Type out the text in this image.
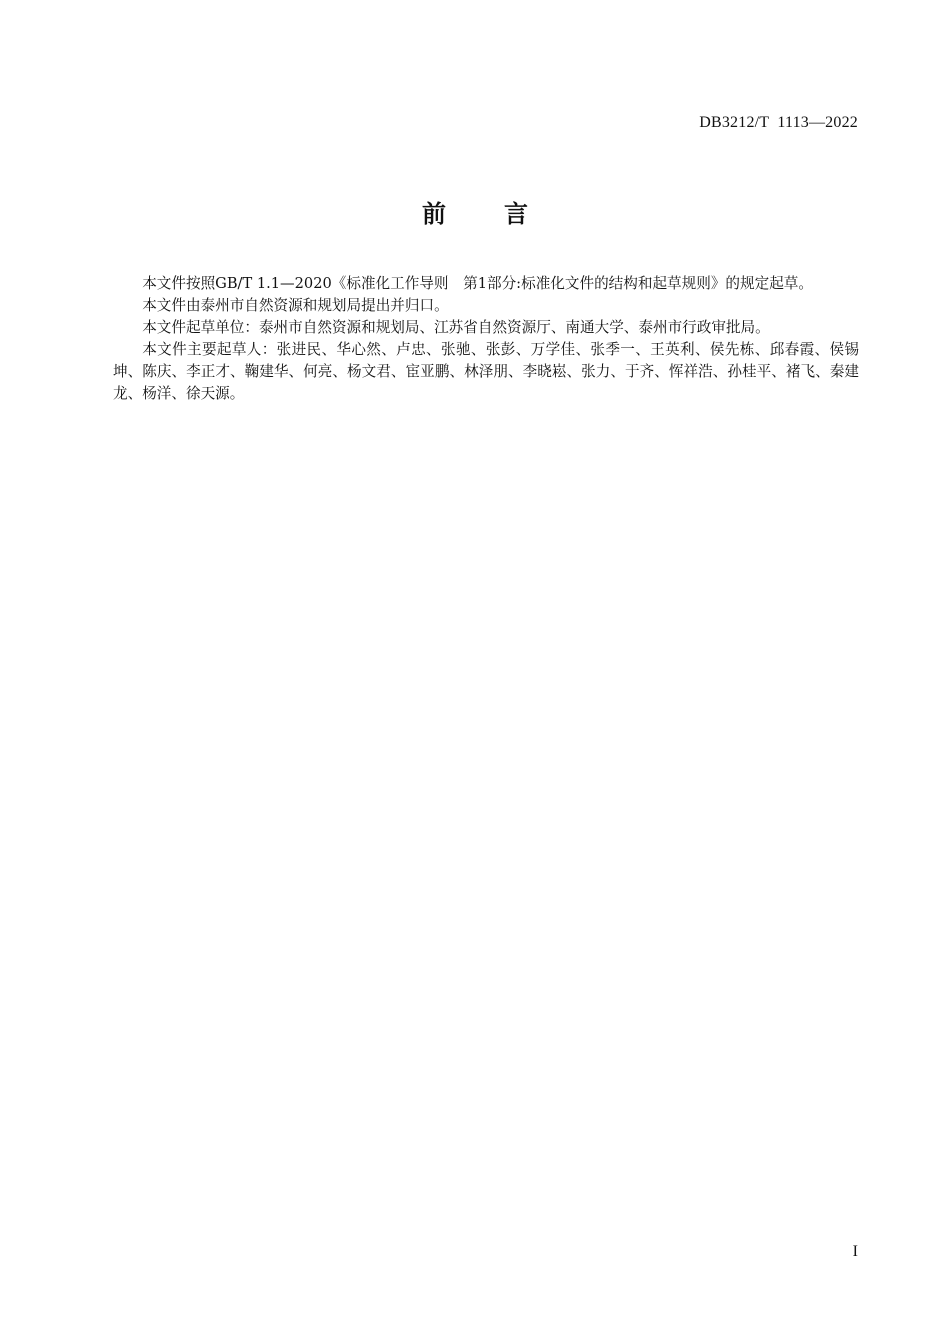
DB3212/T  1113—2022
前 言

本文件按照GB/T 1.1—2020《标准化工作导则　第1部分:标准化文件的结构和起草规则》的规定起草。

本文件由泰州市自然资源和规划局提出并归口。

本文件起草单位：泰州市自然资源和规划局、江苏省自然资源厅、南通大学、泰州市行政审批局。

本文件主要起草人：张进民、华心然、卢忠、张驰、张彭、万学佳、张季一、王英利、侯先栋、邱春霞、侯锡坤、陈庆、李正才、鞠建华、何亮、杨文君、宦亚鹏、林泽朋、李晓崧、张力、于齐、恽祥浩、孙桂平、褚飞、秦建龙、杨洋、徐天源。

I
